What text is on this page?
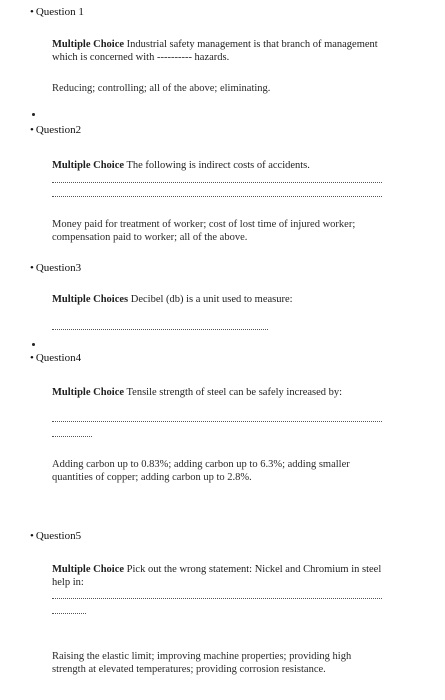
• Question 1
Multiple Choice Industrial safety management is that branch of management which is concerned with ---------- hazards.
Reducing; controlling; all of the above; eliminating.
• Question2
Multiple Choice The following is indirect costs of accidents.
Money paid for treatment of worker; cost of lost time of injured worker; compensation paid to worker; all of the above.
• Question3
Multiple Choices Decibel (db) is a unit used to measure:
• Question4
Multiple Choice Tensile strength of steel can be safely increased by:
Adding carbon up to 0.83%; adding carbon up to 6.3%; adding smaller quantities of copper; adding carbon up to 2.8%.
• Question5
Multiple Choice Pick out the wrong statement: Nickel and Chromium in steel help in:
Raising the elastic limit; improving machine properties; providing high strength at elevated temperatures; providing corrosion resistance.
